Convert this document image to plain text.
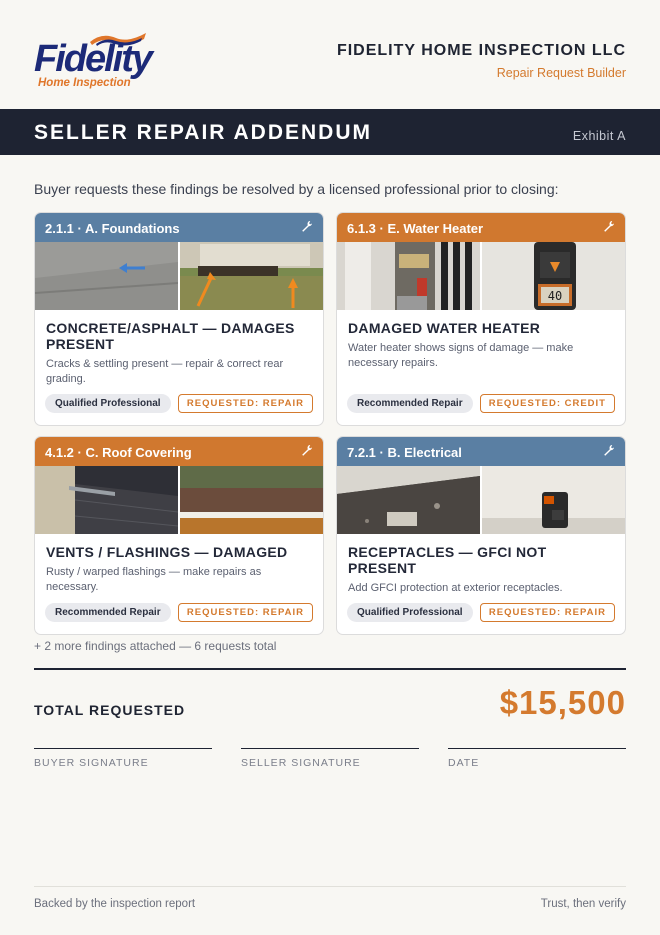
Fidelity
Home Inspection
FIDELITY HOME INSPECTION LLC
Repair Request Builder
SELLER REPAIR ADDENDUM	Exhibit A
Buyer requests these findings be resolved by a licensed professional prior to closing:
2.1.1 · A. Foundations
CONCRETE/ASPHALT — DAMAGES PRESENT
Cracks & settling present — repair & correct rear grading.
Qualified Professional	REQUESTED: REPAIR
6.1.3 · E. Water Heater
40
DAMAGED WATER HEATER
Water heater shows signs of damage — make necessary repairs.
Recommended Repair	REQUESTED: CREDIT
4.1.2 · C. Roof Covering
VENTS / FLASHINGS — DAMAGED
Rusty / warped flashings — make repairs as necessary.
Recommended Repair	REQUESTED: REPAIR
7.2.1 · B. Electrical
RECEPTACLES — GFCI NOT PRESENT
Add GFCI protection at exterior receptacles.
Qualified Professional	REQUESTED: REPAIR
+ 2 more findings attached — 6 requests total
TOTAL REQUESTED	$15,500
BUYER SIGNATURE	SELLER SIGNATURE	DATE
Backed by the inspection report	Trust, then verify
